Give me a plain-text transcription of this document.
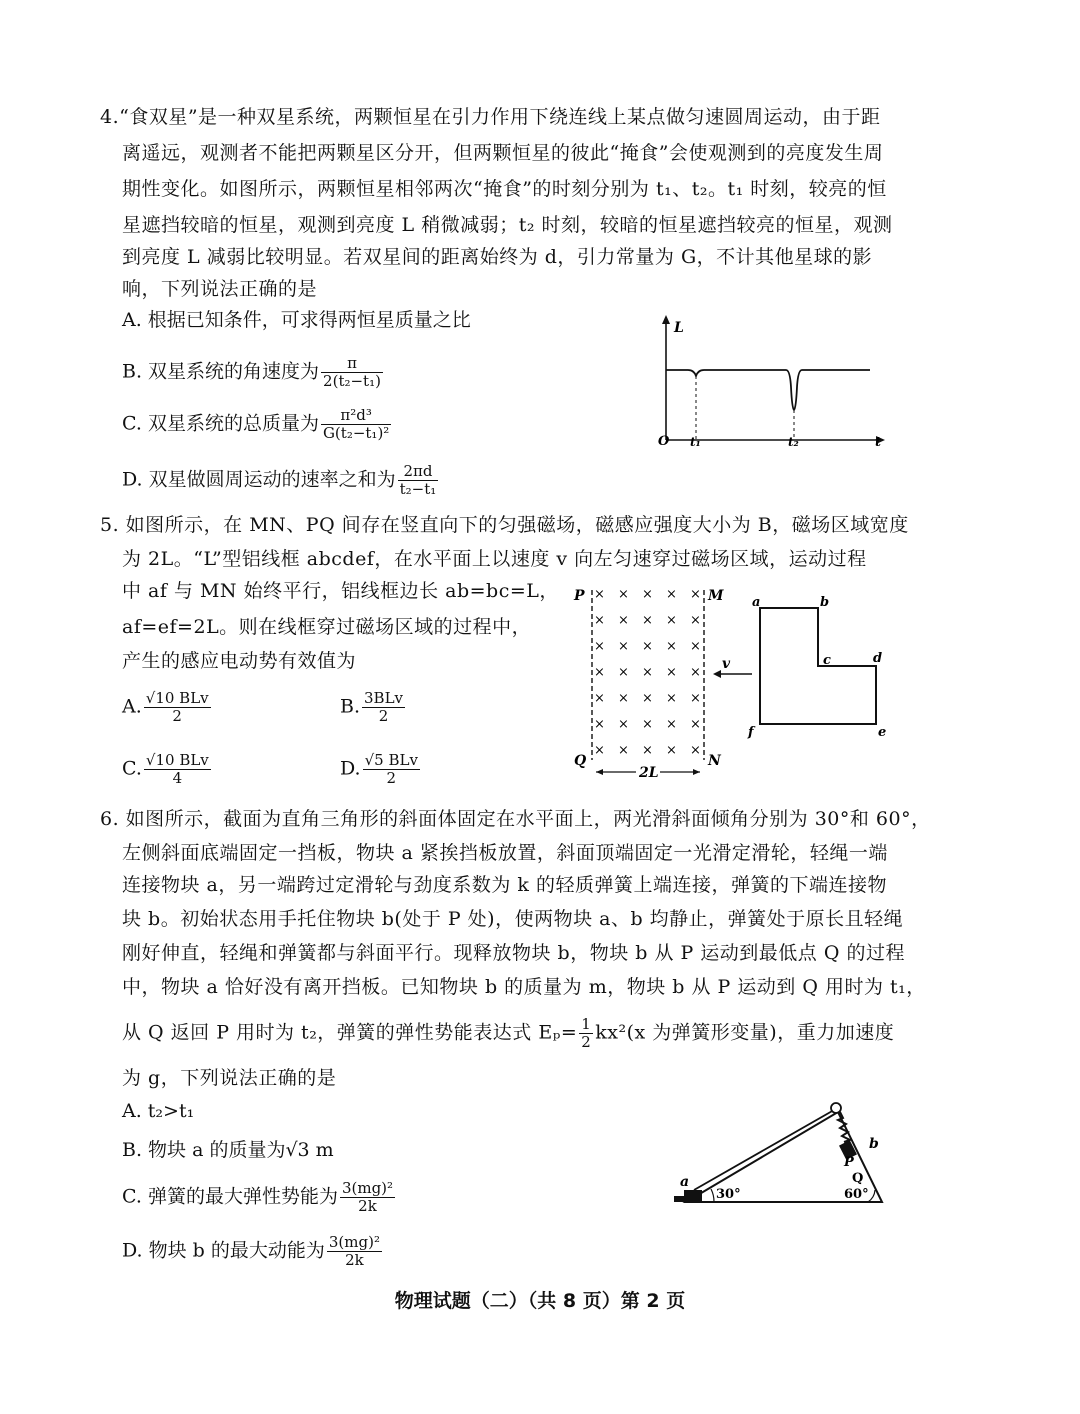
4.“食双星”是一种双星系统，两颗恒星在引力作用下绕连线上某点做匀速圆周运动，由于距
离遥远，观测者不能把两颗星区分开，但两颗恒星的彼此“掩食”会使观测到的亮度发生周
期性变化。如图所示，两颗恒星相邻两次“掩食”的时刻分别为 t₁、t₂。t₁ 时刻，较亮的恒
星遮挡较暗的恒星，观测到亮度 L 稍微减弱；t₂ 时刻，较暗的恒星遮挡较亮的恒星，观测
到亮度 L 减弱比较明显。若双星间的距离始终为 d，引力常量为 G，不计其他星球的影
响，下列说法正确的是
A. 根据已知条件，可求得两恒星质量之比
B. 双星系统的角速度为 $\frac{\pi}{\text{2(t₂−t₁)}}$
C. 双星系统的总质量为 $\frac{\text{π²d³}}{\text{G(t₂−t₁)²}}$
D. 双星做圆周运动的速率之和为 $\frac{2\pi d}{\text{t₂−t₁}}$
L
O t₁	t₂	t
5. 如图所示，在 MN、PQ 间存在竖直向下的匀强磁场，磁感应强度大小为 B，磁场区域宽度
为 2L。“L”型铝线框 abcdef，在水平面上以速度 v 向左匀速穿过磁场区域，运动过程
中 af 与 MN 始终平行，铝线框边长 ab=bc=L，
af=ef=2L。则在线框穿过磁场区域的过程中，
产生的感应电动势有效值为
A. $\frac{\text{√10 BLv}}{2}$	B. $\frac{\text{3BLv}}{2}$
C. $\frac{\text{√10 BLv}}{4}$	D. $\frac{\text{√5 BLv}}{2}$
× × × × ×
× × × × ×
× × × × ×
× × × × ×
× × × × ×
× × × × ×
× × × × ×
P	M
Q	N
2L
v
a	b
c	d
e
f
6. 如图所示，截面为直角三角形的斜面体固定在水平面上，两光滑斜面倾角分别为 30°和 60°，
左侧斜面底端固定一挡板，物块 a 紧挨挡板放置，斜面顶端固定一光滑定滑轮，轻绳一端
连接物块 a，另一端跨过定滑轮与劲度系数为 k 的轻质弹簧上端连接，弹簧的下端连接物
块 b。初始状态用手托住物块 b(处于 P 处)，使两物块 a、b 均静止，弹簧处于原长且轻绳
刚好伸直，轻绳和弹簧都与斜面平行。现释放物块 b，物块 b 从 P 运动到最低点 Q 的过程
中，物块 a 恰好没有离开挡板。已知物块 b 的质量为 m，物块 b 从 P 运动到 Q 用时为 t₁，
从 Q 返回 P 用时为 t₂，弹簧的弹性势能表达式 $E_p= \frac{1}{2} kx^2(x$ 为弹簧形变量)，重力加速度
为 g，下列说法正确的是
A. t₂>t₁
B. 物块 a 的质量为√3 m
C. 弹簧的最大弹性势能为 $\frac{\text{3(mg)²}}{2k}$
D. 物块 b 的最大动能为 $\frac{\text{3(mg)²}}{2k}$
a
b
P
Q
30°	60°
物理试题（二）（共 8 页）第 2 页
